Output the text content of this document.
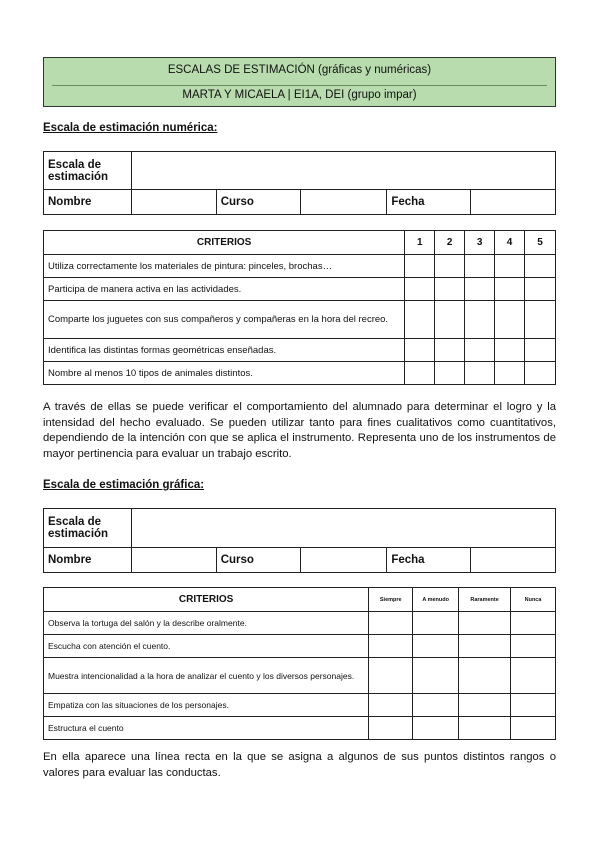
ESCALAS DE ESTIMACIÓN (gráficas y numéricas)
MARTA Y MICAELA | EI1A, DEI (grupo impar)
Escala de estimación numérica:
Escala de estimación					
Nombre		Curso		Fecha	
CRITERIOS	1	2	3	4	5
Utiliza correctamente los materiales de pintura: pinceles, brochas…					
Participa de manera activa en las actividades.					
Comparte los juguetes con sus compañeros y compañeras en la hora del recreo.					
Identifica las distintas formas geométricas enseñadas.					
Nombre al menos 10 tipos de animales distintos.					
A través de ellas se puede verificar el comportamiento del alumnado para determinar el logro y la intensidad del hecho evaluado. Se pueden utilizar tanto para fines cualitativos como cuantitativos, dependiendo de la intención con que se aplica el instrumento. Representa uno de los instrumentos de mayor pertinencia para evaluar un trabajo escrito.
Escala de estimación gráfica:
Escala de estimación					
Nombre		Curso		Fecha	
CRITERIOS	Siempre	A menudo	Raramente	Nunca
Observa la tortuga del salón y la describe oralmente.				
Escucha con atención el cuento.				
Muestra intencionalidad a la hora de analizar el cuento y los diversos personajes.				
Empatiza con las situaciones de los personajes.				
Estructura el cuento				
En ella aparece una línea recta en la que se asigna a algunos de sus puntos distintos rangos o valores para evaluar las conductas.
